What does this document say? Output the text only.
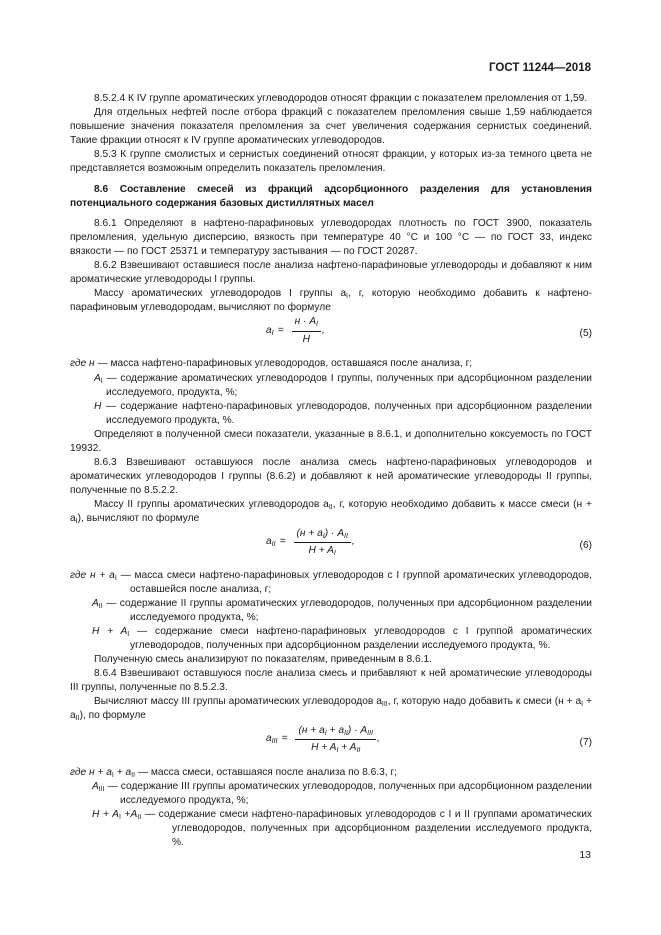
ГОСТ 11244—2018

8.5.2.4 К IV группе ароматических углеводородов относят фракции с показателем преломления от 1,59.

Для отдельных нефтей после отбора фракций с показателем преломления свыше 1,59 наблюдается повышение значения показателя преломления за счет увеличения содержания сернистых соединений. Такие фракции относят к IV группе ароматических углеводородов.

8.5.3 К группе смолистых и сернистых соединений относят фракции, у которых из-за темного цвета не представляется возможным определить показатель преломления.

8.6 Составление смесей из фракций адсорбционного разделения для установления потенциального содержания базовых дистиллятных масел

8.6.1 Определяют в нафтено-парафиновых углеводородах плотность по ГОСТ 3900, показатель преломления, удельную дисперсию, вязкость при температуре 40 °С и 100 °С — по ГОСТ 33, индекс вязкости — по ГОСТ 25371 и температуру застывания — по ГОСТ 20287.

8.6.2 Взвешивают оставшиеся после анализа нафтено-парафиновые углеводороды и добавляют к ним ароматические углеводороды I группы.

Массу ароматических углеводородов I группы $a_I$, г, которую необходимо добавить к нафтено-парафиновым углеводородам, вычисляют по формуле

$a_I = \frac{н \cdot A_I}{H}$ ,	(5)

где н — масса нафтено-парафиновых углеводородов, оставшаяся после анализа, г;

$A_I$ — содержание ароматических углеводородов I группы, полученных при адсорбционном разделении исследуемого, продукта, %;

H — содержание нафтено-парафиновых углеводородов, полученных при адсорбционном разделении исследуемого продукта, %.

Определяют в полученной смеси показатели, указанные в 8.6.1, и дополнительно коксуемость по ГОСТ 19932.

8.6.3 Взвешивают оставшуюся после анализа смесь нафтено-парафиновых углеводородов и ароматических углеводородов I группы (8.6.2) и добавляют к ней ароматические углеводороды II группы, полученные по 8.5.2.2.

Массу II группы ароматических углеводородов $a_{II}$, г, которую необходимо добавить к массе смеси $(н + a_I)$, вычисляют по формуле

$a_{II} = \frac{(н + a_I) \cdot A_{II}}{H + A_I}$ ,	(6)

где $н + a_I$ — масса смеси нафтено-парафиновых углеводородов с I группой ароматических углеводородов, оставшейся после анализа, г;

$A_{II}$ — содержание II группы ароматических углеводородов, полученных при адсорбционном разделении исследуемого продукта, %;

$H + A_I$ — содержание смеси нафтено-парафиновых углеводородов с I группой ароматических углеводородов, полученных при адсорбционном разделении исследуемого продукта, %.

Полученную смесь анализируют по показателям, приведенным в 8.6.1.

8.6.4 Взвешивают оставшуюся после анализа смесь и прибавляют к ней ароматические углеводороды III группы, полученные по 8.5.2.3.

Вычисляют массу III группы ароматических углеводородов $a_{III}$, г, которую надо добавить к смеси $(н + a_I + a_{II})$, по формуле

$a_{III} = \frac{(н + a_I + a_{II}) \cdot A_{III}}{H + A_I + A_{II}}$ ,	(7)

где $н + a_I + a_{II}$ — масса смеси, оставшаяся после анализа по 8.6.3, г;

$A_{III}$ — содержание III группы ароматических углеводородов, полученных при адсорбционном разделении исследуемого продукта, %;

$H + A_I +A_{II}$ — содержание смеси нафтено-парафиновых углеводородов с I и II группами ароматических углеводородов, полученных при адсорбционном разделении исследуемого продукта, %.

13
